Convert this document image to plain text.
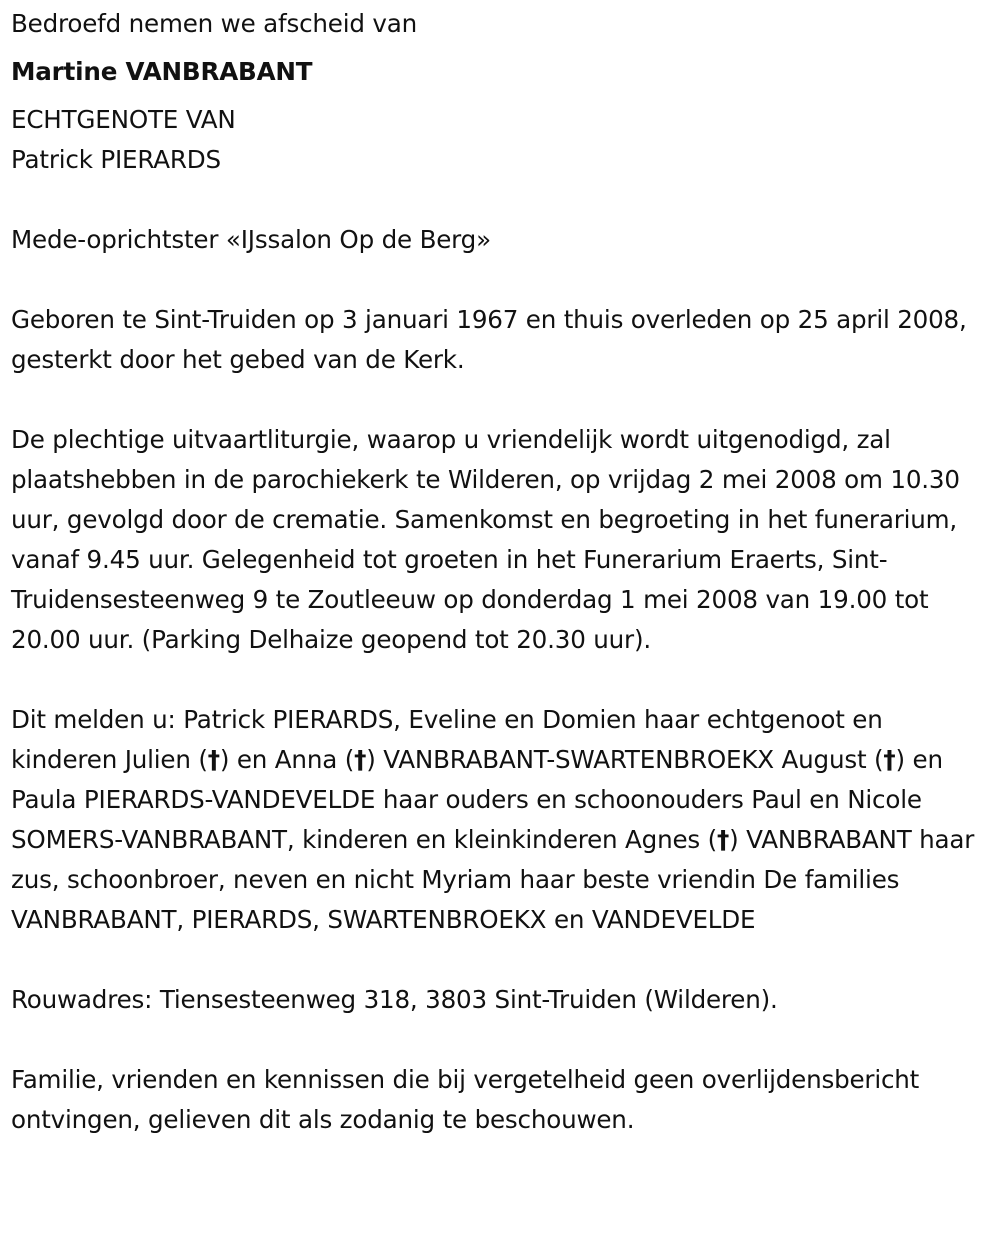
Bedroefd nemen we afscheid van

Martine VANBRABANT

ECHTGENOTE VAN

Patrick PIERARDS

Mede-oprichtster «IJssalon Op de Berg»

Geboren te Sint-Truiden op 3 januari 1967 en thuis overleden op 25 april 2008, gesterkt door het gebed van de Kerk.

De plechtige uitvaartliturgie, waarop u vriendelijk wordt uitgenodigd, zal plaatshebben in de parochiekerk te Wilderen, op vrijdag 2 mei 2008 om 10.30 uur, gevolgd door de crematie. Samenkomst en begroeting in het funerarium, vanaf 9.45 uur. Gelegenheid tot groeten in het Funerarium Eraerts, Sint-Truidensesteenweg 9 te Zoutleeuw op donderdag 1 mei 2008 van 19.00 tot 20.00 uur. (Parking Delhaize geopend tot 20.30 uur).

Dit melden u: Patrick PIERARDS, Eveline en Domien haar echtgenoot en kinderen Julien (†) en Anna (†) VANBRABANT-SWARTENBROEKX August (†) en Paula PIERARDS-VANDEVELDE haar ouders en schoonouders Paul en Nicole SOMERS-VANBRABANT, kinderen en kleinkinderen Agnes (†) VANBRABANT haar zus, schoonbroer, neven en nicht Myriam haar beste vriendin De families VANBRABANT, PIERARDS, SWARTENBROEKX en VANDEVELDE

Rouwadres: Tiensesteenweg 318, 3803 Sint-Truiden (Wilderen).

Familie, vrienden en kennissen die bij vergetelheid geen overlijdensbericht ontvingen, gelieven dit als zodanig te beschouwen.
